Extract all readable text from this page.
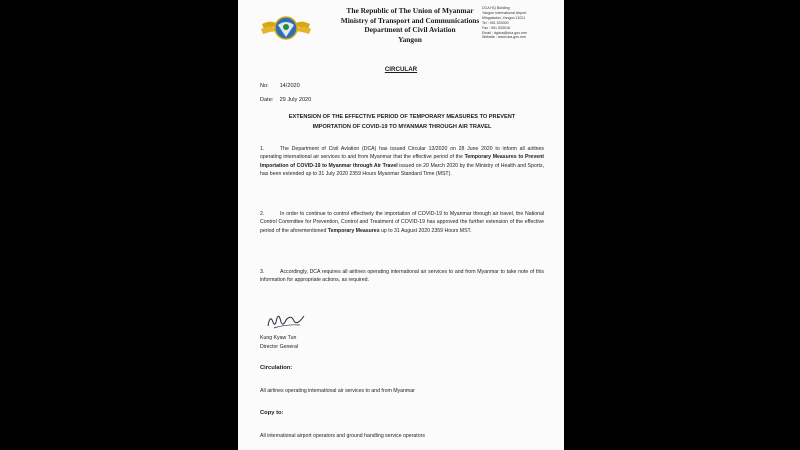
The Republic of The Union of Myanmar
Ministry of Transport and Communications
Department of Civil Aviation
Yangon
DCA HQ Building
Yangon International Airport
Mingaladon, Yangon 11021
Tel : 951 533000
Fax : 951 533016
Email : dgdca@dca.gov.mm
Website : www.dca.gov.mm
CIRCULAR
No: 14/2020
Date: 29 July 2020
EXTENSION OF THE EFFECTIVE PERIOD OF TEMPORARY MEASURES TO PREVENT
IMPORTATION OF COVID-19 TO MYANMAR THROUGH AIR TRAVEL
1.	The Department of Civil Aviation (DCA) has issued Circular 13/2020 on 28 June 2020 to inform all airlines operating international air services to and from Myanmar that the effective period of the Temporary Measures to Prevent Importation of COVID-19 to Myanmar through Air Travel issued on 20 March 2020 by the Ministry of Health and Sports, has been extended up to 31 July 2020 2359 Hours Myanmar Standard Time (MST).
2.	In order to continue to control effectively the importation of COVID-19 to Myanmar through air travel, the National Control Committee for Prevention, Control and Treatment of COVID-19 has approved the further extension of the effective period of the aforementioned Temporary Measures up to 31 August 2020 2359 Hours MST.
3.	Accordingly, DCA requires all airlines operating international air services to and from Myanmar to take note of this information for appropriate actions, as required.
Kung Kyaw Tun
Director General
Circulation:
All airlines operating international air services to and from Myanmar
Copy to:
All international airport operators and ground handling service operators
